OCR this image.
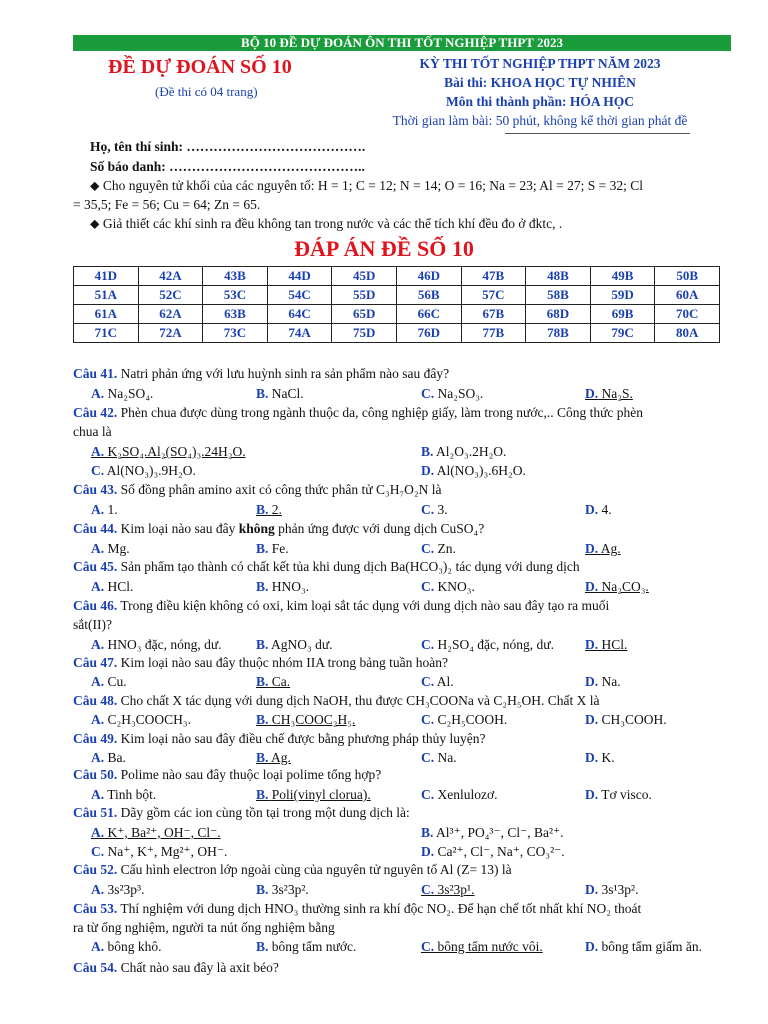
BỘ 10 ĐỀ DỰ ĐOÁN ÔN THI TỐT NGHIỆP THPT 2023
ĐỀ DỰ ĐOÁN SỐ 10
(Đề thi có 04 trang)
KỲ THI TỐT NGHIỆP THPT NĂM 2023
Bài thi: KHOA HỌC TỰ NHIÊN
Môn thi thành phần: HÓA HỌC
Thời gian làm bài: 50 phút, không kể thời gian phát đề
Họ, tên thí sinh: ………………………………….
Số báo danh: ……………………………………..
⬥ Cho nguyên tử khối của các nguyên tố: H = 1; C = 12; N = 14; O = 16; Na = 23; Al = 27; S = 32; Cl
= 35,5; Fe = 56; Cu = 64; Zn = 65.
⬥ Giả thiết các khí sinh ra đều không tan trong nước và các thể tích khí đều đo ở đktc, .
ĐÁP ÁN ĐỀ SỐ 10
41D	42A	43B	44D	45D	46D	47B	48B	49B	50B
51A	52C	53C	54C	55D	56B	57C	58B	59D	60A
61A	62A	63B	64C	65D	66C	67B	68D	69B	70C
71C	72A	73C	74A	75D	76D	77B	78B	79C	80A
Câu 41. Natri phản ứng với lưu huỳnh sinh ra sản phẩm nào sau đây?
A. Na₂SO₄.	B. NaCl.	C. Na₂SO₃.	D. Na₂S.
Câu 42. Phèn chua được dùng trong ngành thuộc da, công nghiệp giấy, làm trong nước,.. Công thức phèn
chua là
A. K₂SO₄.Al₂(SO₄)₃.24H₂O.	B. Al₂O₃.2H₂O.
C. Al(NO₃)₃.9H₂O.	D. Al(NO₃)₃.6H₂O.
Câu 43. Số đồng phân amino axit có công thức phân tử C₃H₇O₂N là
A. 1.	B. 2.	C. 3.	D. 4.
Câu 44. Kim loại nào sau đây không phản ứng được với dung dịch CuSO₄?
A. Mg.	B. Fe.	C. Zn.	D. Ag.
Câu 45. Sản phẩm tạo thành có chất kết tủa khi dung dịch Ba(HCO₃)₂ tác dụng với dung dịch
A. HCl.	B. HNO₃.	C. KNO₃.	D. Na₂CO₃.
Câu 46. Trong điều kiện không có oxi, kim loại sắt tác dụng với dung dịch nào sau đây tạo ra muối
sắt(II)?
A. HNO₃ đặc, nóng, dư.	B. AgNO₃ dư.	C. H₂SO₄ đặc, nóng, dư. D. HCl.
Câu 47. Kim loại nào sau đây thuộc nhóm IIA trong bảng tuần hoàn?
A. Cu.	B. Ca.	C. Al.	D. Na.
Câu 48. Cho chất X tác dụng với dung dịch NaOH, thu được CH₃COONa và C₂H₅OH. Chất X là
A. C₂H₃COOCH₃.	B. CH₃COOC₂H₅.	C. C₂H₅COOH.	D. CH₃COOH.
Câu 49. Kim loại nào sau đây điều chế được bằng phương pháp thủy luyện?
A. Ba.	B. Ag.	C. Na.	D. K.
Câu 50. Polime nào sau đây thuộc loại polime tổng hợp?
A. Tinh bột.	B. Poli(vinyl clorua).	C. Xenlulozơ.	D. Tơ visco.
Câu 51. Dãy gồm các ion cùng tồn tại trong một dung dịch là:
A. K⁺, Ba²⁺, OH⁻, Cl⁻.	B. Al³⁺, PO₄³⁻, Cl⁻, Ba²⁺.
C. Na⁺, K⁺, Mg²⁺, OH⁻.	D. Ca²⁺, Cl⁻, Na⁺, CO₃²⁻.
Câu 52. Cấu hình electron lớp ngoài cùng của nguyên tử nguyên tố Al (Z= 13) là
A. 3s²3p³.	B. 3s²3p².	C. 3s²3p¹.	D. 3s¹3p².
Câu 53. Thí nghiệm với dung dịch HNO₃ thường sinh ra khí độc NO₂. Để hạn chế tốt nhất khí NO₂ thoát
ra từ ống nghiệm, người ta nút ống nghiệm bằng
A. bông khô.	B. bông tẩm nước.	C. bông tẩm nước vôi.	D. bông tẩm giấm ăn.
Câu 54. Chất nào sau đây là axit béo?
